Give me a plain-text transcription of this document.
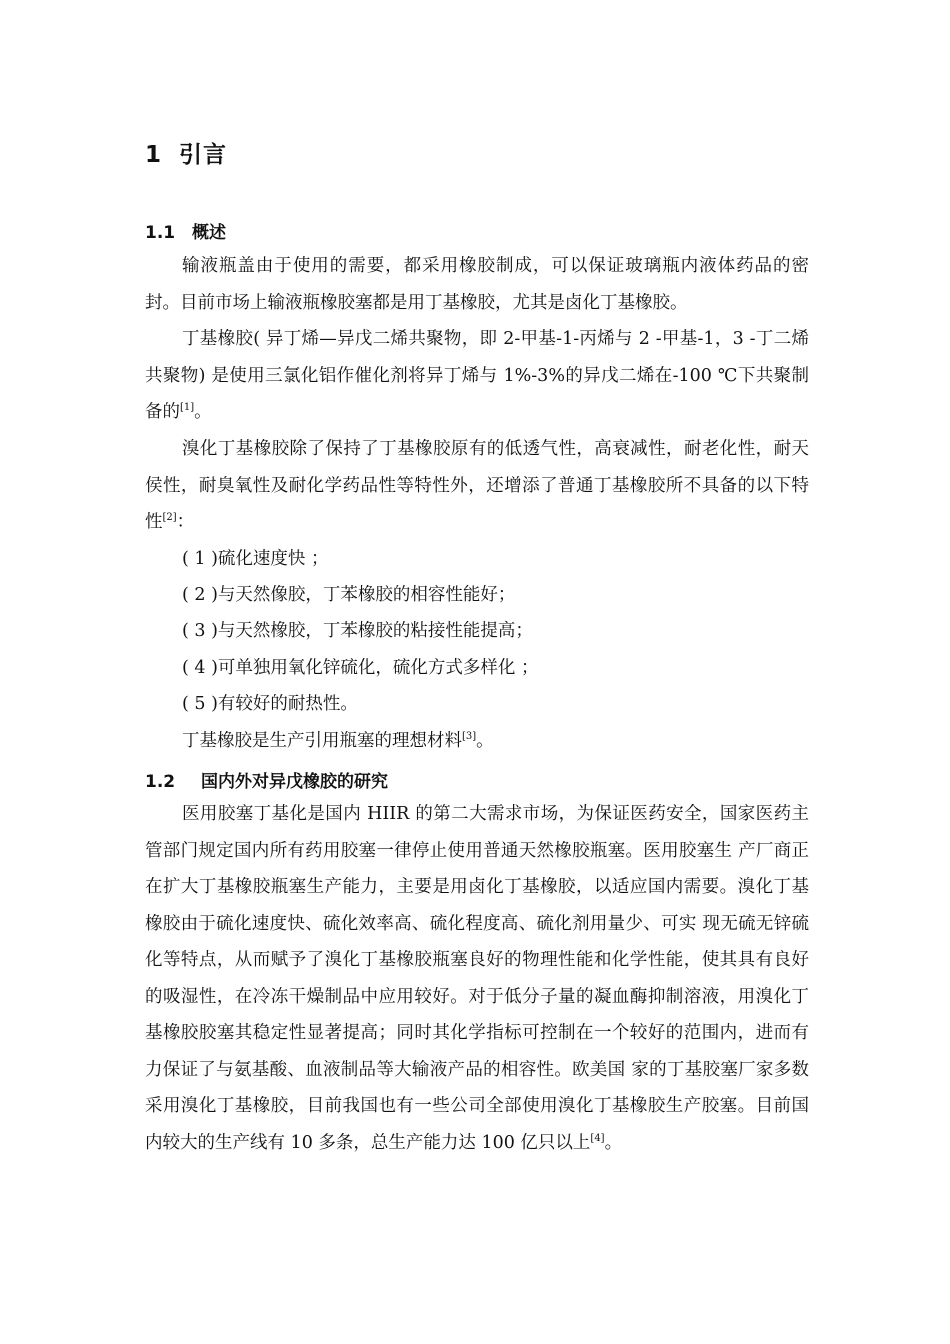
1 引言
1.1 概述

输液瓶盖由于使用的需要，都采用橡胶制成，可以保证玻璃瓶内液体药品的密封。目前市场上输液瓶橡胶塞都是用丁基橡胶，尤其是卤化丁基橡胶。

丁基橡胶( 异丁烯—异戊二烯共聚物，即 2-甲基-1-丙烯与 2 -甲基-1，3 -丁二烯共聚物) 是使用三氯化铝作催化剂将异丁烯与 1%-3%的异戊二烯在-100 ℃下共聚制备的[1]。

溴化丁基橡胶除了保持了丁基橡胶原有的低透气性，高衰减性，耐老化性，耐天侯性，耐臭氧性及耐化学药品性等特性外，还增添了普通丁基橡胶所不具备的以下特性[2]：

( 1 )硫化速度快 ；

( 2 )与天然像胶，丁苯橡胶的相容性能好；

( 3 )与天然橡胶，丁苯橡胶的粘接性能提高；

( 4 )可单独用氧化锌硫化，硫化方式多样化 ；

( 5 )有较好的耐热性。

丁基橡胶是生产引用瓶塞的理想材料[3]。

1.2 国内外对异戊橡胶的研究

医用胶塞丁基化是国内 HIIR 的第二大需求市场，为保证医药安全，国家医药主管部门规定国内所有药用胶塞一律停止使用普通天然橡胶瓶塞。医用胶塞生 产厂商正在扩大丁基橡胶瓶塞生产能力，主要是用卤化丁基橡胶，以适应国内需要。溴化丁基橡胶由于硫化速度快、硫化效率高、硫化程度高、硫化剂用量少、可实 现无硫无锌硫化等特点，从而赋予了溴化丁基橡胶瓶塞良好的物理性能和化学性能，使其具有良好的吸湿性，在冷冻干燥制品中应用较好。对于低分子量的凝血酶抑制溶液，用溴化丁基橡胶胶塞其稳定性显著提高；同时其化学指标可控制在一个较好的范围内，进而有力保证了与氨基酸、血液制品等大输液产品的相容性。欧美国 家的丁基胶塞厂家多数采用溴化丁基橡胶，目前我国也有一些公司全部使用溴化丁基橡胶生产胶塞。目前国内较大的生产线有 10 多条，总生产能力达 100 亿只以上[4]。
